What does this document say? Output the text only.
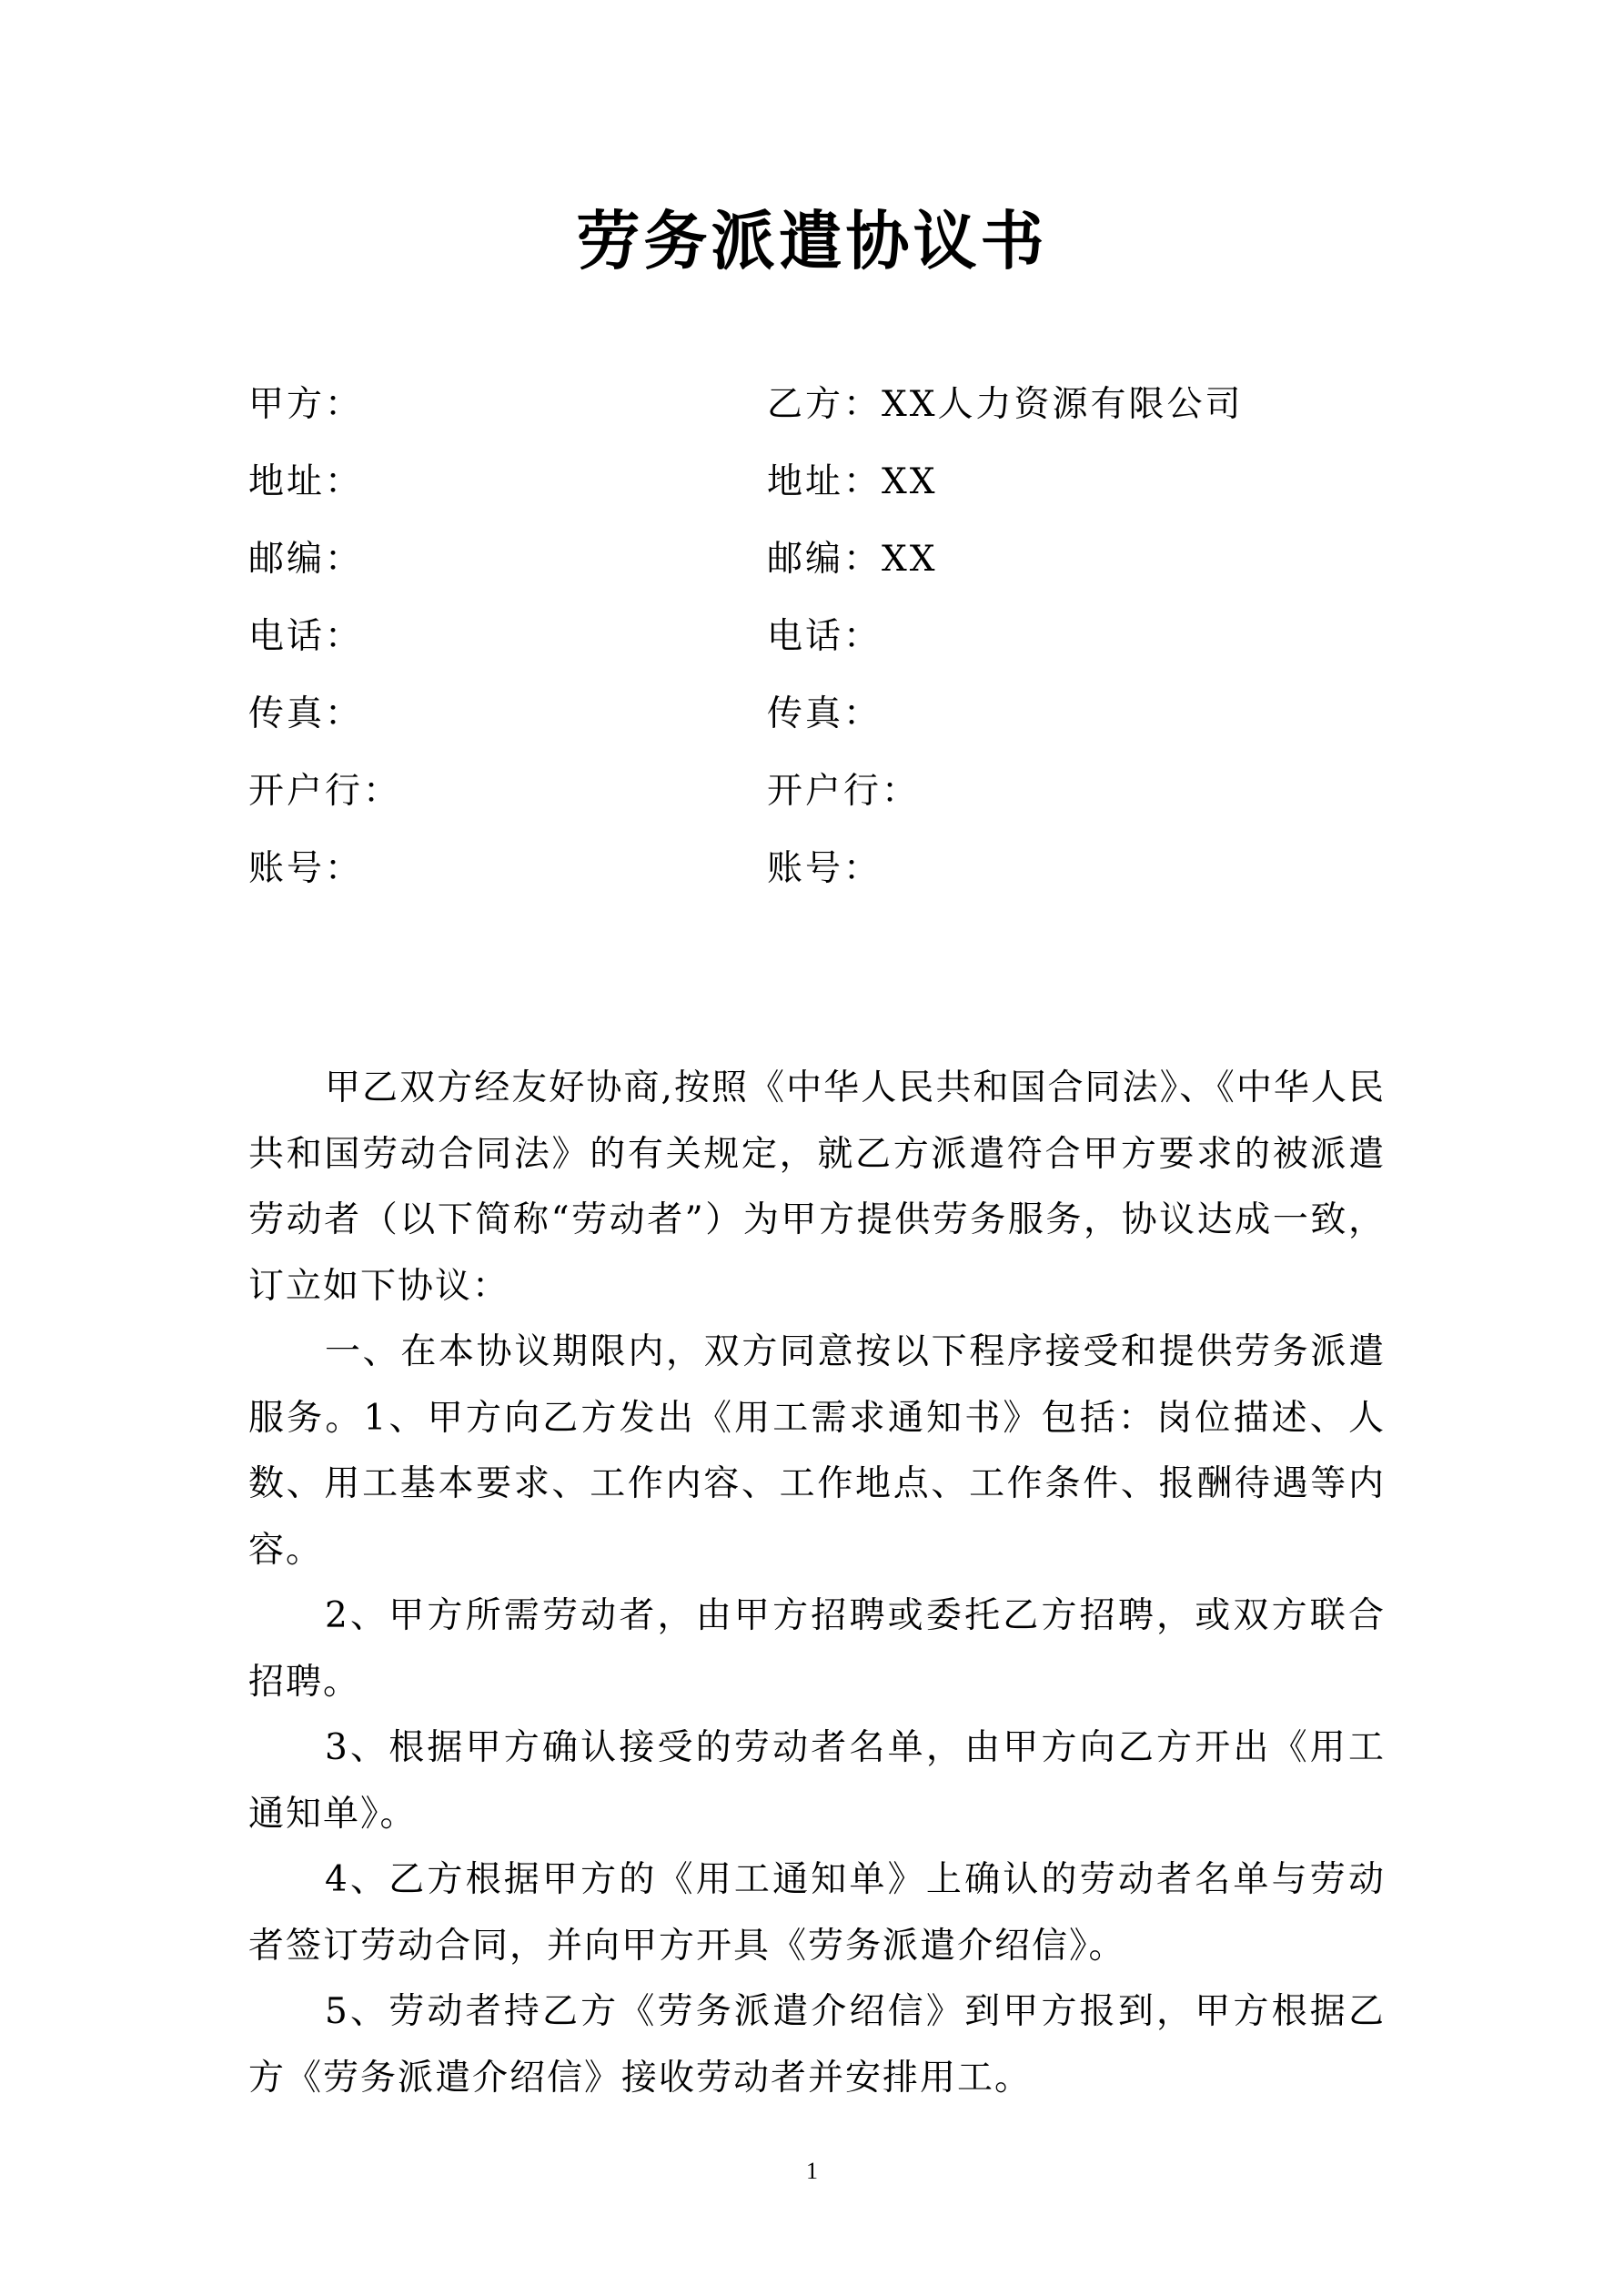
劳务派遣协议书
甲方：	乙方：XX人力资源有限公司
地址：	地址：XX
邮编：	邮编：XX
电话：	电话：
传真：	传真：
开户行：	开户行：
账号：	账号：

甲乙双方经友好协商,按照《中华人民共和国合同法》、《中华人民共和国劳动合同法》的有关规定，就乙方派遣符合甲方要求的被派遣劳动者（以下简称“劳动者”）为甲方提供劳务服务，协议达成一致，订立如下协议：

一、在本协议期限内，双方同意按以下程序接受和提供劳务派遣服务。1、甲方向乙方发出《用工需求通知书》包括：岗位描述、人数、用工基本要求、工作内容、工作地点、工作条件、报酬待遇等内容。

2、甲方所需劳动者，由甲方招聘或委托乙方招聘，或双方联合招聘。

3、根据甲方确认接受的劳动者名单，由甲方向乙方开出《用工通知单》。

4、乙方根据甲方的《用工通知单》上确认的劳动者名单与劳动者签订劳动合同，并向甲方开具《劳务派遣介绍信》。

5、劳动者持乙方《劳务派遣介绍信》到甲方报到，甲方根据乙方《劳务派遣介绍信》接收劳动者并安排用工。

1
